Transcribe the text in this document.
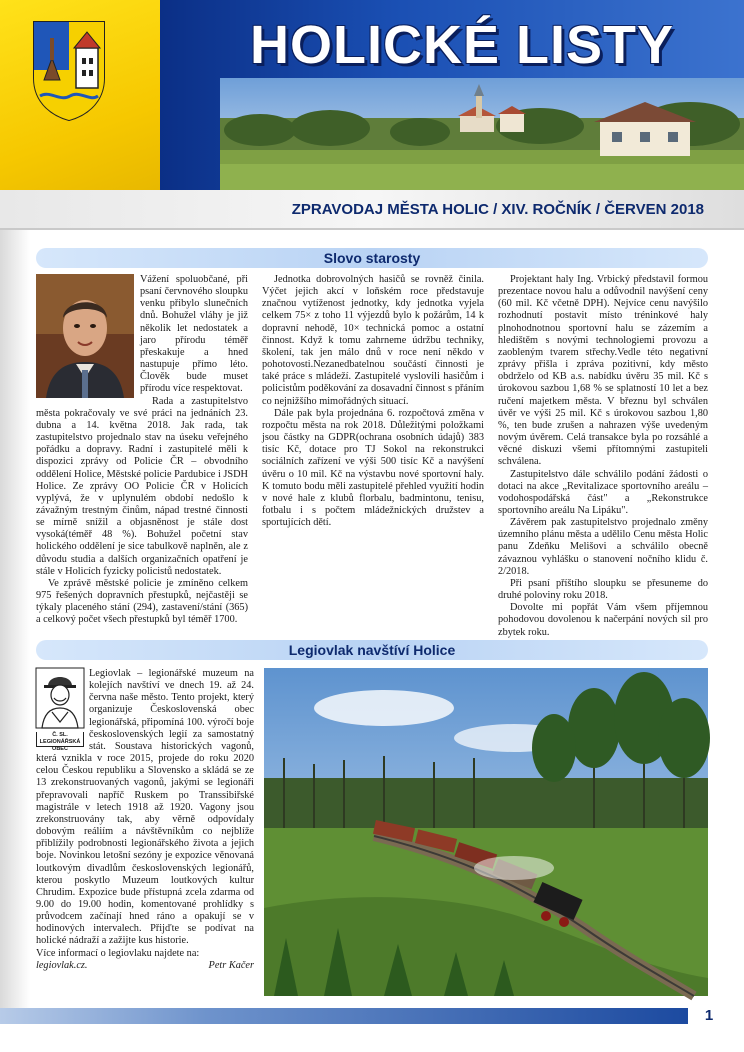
HOLICKÉ LISTY
ZPRAVODAJ MĚSTA HOLIC / XIV. ROČNÍK / ČERVEN 2018
Slovo starosty

Vážení spoluobčané, při psaní červnového sloupku venku přibylo slunečních dnů. Bohužel vláhy je již několik let nedostatek a jaro přírodu téměř přeskakuje a hned nastupuje přímo léto. Člověk bude muset přírodu více respektovat.

Rada a zastupitelstvo města pokračovaly ve své práci na jednáních 23. dubna a 14. května 2018. Jak rada, tak zastupitelstvo projednalo stav na úseku veřejného pořádku a dopravy. Radní i zastupitelé měli k dispozici zprávy od Policie ČR – obvodního oddělení Holice, Městské policie Pardubice i JSDH Holice. Ze zprávy OO Policie ČR v Holicích vyplývá, že v uplynulém období nedošlo k závažným trestným činům, nápad trestné činnosti se mírně snížil a objasněnost je stále dost vysoká(téměř 48 %). Bohužel početní stav holického oddělení je sice tabulkově naplněn, ale z důvodu studia a dalších organizačních opatření je stále v Holicích fyzicky policistů nedostatek.

Ve zprávě městské policie je zmíněno celkem 975 řešených dopravních přestupků, nejčastěji se týkaly placeného stání (294), zastavení/stání (365) a celkový počet všech přestupků byl téměř 1700.

Jednotka dobrovolných hasičů se rovněž činila. Výčet jejich akcí v loňském roce představuje značnou vytíženost jednotky, kdy jednotka vyjela celkem 75× z toho 11 výjezdů bylo k požárům, 14 k dopravní nehodě, 10× technická pomoc a ostatní činnost. Když k tomu zahrneme údržbu techniky, školení, tak jen málo dnů v roce není někdo v pohotovosti.Nezanedbatelnou součástí činnosti je také práce s mládeží. Zastupitelé vyslovili hasičům i policistům poděkování za dosavadní činnost s přáním co nejnižšího mimořádných situací.

Dále pak byla projednána 6. rozpočtová změna v rozpočtu města na rok 2018. Důležitými položkami jsou částky na GDPR(ochrana osobních údajů) 383 tisíc Kč, dotace pro TJ Sokol na rekonstrukci sociálních zařízení ve výši 500 tisíc Kč a navýšení úvěru o 10 mil. Kč na výstavbu nové sportovní haly. K tomuto bodu měli zastupitelé přehled využití hodin v nové hale z klubů florbalu, badmintonu, tenisu, fotbalu i s počtem mládežnických družstev a sportujících dětí.

Projektant haly Ing. Vrbický představil formou prezentace novou halu a odůvodnil navýšení ceny (60 mil. Kč včetně DPH). Nejvíce cenu navýšilo rozhodnutí postavit místo tréninkové haly plnohodnotnou sportovní halu se zázemím a hledištěm s novými technologiemi provozu a zaobleným tvarem střechy.Vedle této negativní zprávy přišla i zpráva pozitivní, kdy město obdrželo od KB a.s. nabídku úvěru 35 mil. Kč s úrokovou sazbou 1,68 % se splatností 10 let a bez ručení majetkem města. V březnu byl schválen úvěr ve výši 25 mil. Kč s úrokovou sazbou 1,80 %, ten bude zrušen a nahrazen výše uvedeným novým úvěrem. Celá transakce byla po rozsáhlé a věcné diskuzi všemi přítomnými zastupiteli schválena.

Zastupitelstvo dále schválilo podání žádosti o dotaci na akce „Revitalizace sportovního areálu – vodohospodářská část" a „Rekonstrukce sportovního areálu Na Lipáku".

Závěrem pak zastupitelstvo projednalo změny územního plánu města a udělilo Cenu města Holic panu Zdeňku Melišovi a schválilo obecně závaznou vyhlášku o stanovení nočního klidu č. 2/2018.

Při psaní příštího sloupku se přesuneme do druhé poloviny roku 2018.

Dovolte mi popřát Vám všem příjemnou pohodovou dovolenou k načerpání nových sil pro zbytek roku.

Legiovlak navštíví Holice
Č. SL. LEGIONÁŘSKÁ OBEC

Legiovlak – legionářské muzeum na kolejích navštíví ve dnech 19. až 24. června naše město. Tento projekt, který organizuje Československá obec legionářská, připomíná 100. výročí boje československých legií za samostatný stát. Soustava historických vagonů, která vznikla v roce 2015, projede do roku 2020 celou Českou republiku a Slovensko a skládá se ze 13 zrekonstruovaných vagonů, jakými se legionáři přepravovali napříč Ruskem po Transsibiřské magistrále v letech 1918 až 1920. Vagony jsou zrekonstruovány tak, aby věrně odpovídaly dobovým reáliím a návštěvníkům co nejblíže přiblížily podrobnosti legionářského života a jejich boje. Novinkou letošní sezóny je expozice věnovaná loutkovým divadlům československých legionářů, kterou poskytlo Muzeum loutkových kultur Chrudim. Expozice bude přístupná zcela zdarma od 9.00 do 19.00 hodin, komentované prohlídky s průvodcem začínají hned ráno a opakují se v hodinových intervalech. Přijďte se podívat na holické nádraží a zažijte kus historie.

Více informací o legiovlaku najdete na:

legiovlak.cz.	Petr Kačer

1
